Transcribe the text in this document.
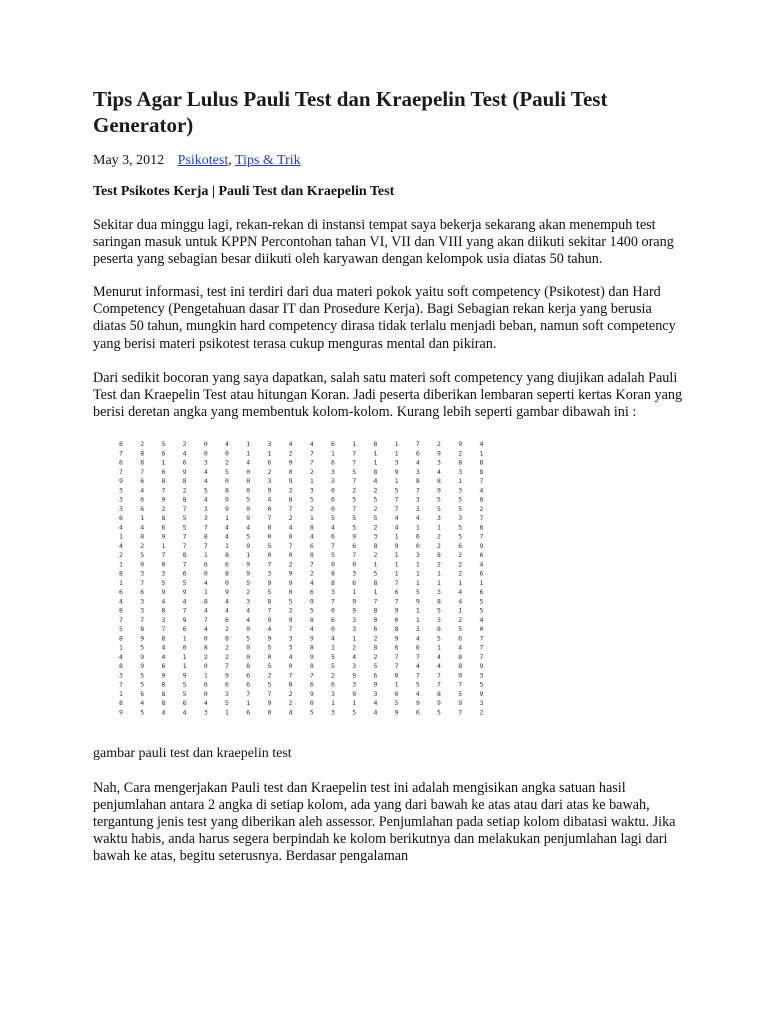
Tips Agar Lulus Pauli Test dan Kraepelin Test (Pauli Test Generator)
May 3, 2012 Psikotest, Tips & Trik
Test Psikotes Kerja | Pauli Test dan Kraepelin Test

Sekitar dua minggu lagi, rekan-rekan di instansi tempat saya bekerja sekarang akan menempuh test saringan masuk untuk KPPN Percontohan tahan VI, VII dan VIII yang akan diikuti sekitar 1400 orang peserta yang sebagian besar diikuti oleh karyawan dengan kelompok usia diatas 50 tahun.

Menurut informasi, test ini terdiri dari dua materi pokok yaitu soft competency (Psikotest) dan Hard Competency (Pengetahuan dasar IT dan Prosedure Kerja). Bagi Sebagian rekan kerja yang berusia diatas 50 tahun, mungkin hard competency dirasa tidak terlalu menjadi beban, namun soft competency yang berisi materi psikotest terasa cukup menguras mental dan pikiran.

Dari sedikit bocoran yang saya dapatkan, salah satu materi soft competency yang diujikan adalah Pauli Test dan Kraepelin Test atau hitungan Koran. Jadi peserta diberikan lembaran seperti kertas Koran yang berisi deretan angka yang membentuk kolom-kolom. Kurang lebih seperti gambar dibawah ini :

8	2	5	2	0	4	1	3	4	4	6	1	8	1	7	2	9	4
7	8	6	4	0	0	1	1	2	7	1	7	1	1	6	9	2	1
6	8	1	6	3	2	4	6	9	7	6	7	1	3	4	3	8	8
7	7	6	9	4	5	0	2	0	2	3	5	8	9	3	4	3	8
9	6	8	8	4	0	0	3	9	1	3	7	4	1	8	8	1	7
3	4	7	2	5	8	0	9	2	3	0	2	2	5	7	9	3	4
3	6	9	8	4	0	5	4	8	5	6	5	5	7	3	5	5	8
3	6	2	7	3	9	0	0	7	2	0	7	2	7	3	5	5	2
6	1	8	5	3	1	9	7	2	1	5	5	5	4	4	3	3	7
4	4	6	5	7	4	4	0	4	8	4	5	2	4	1	1	5	6
1	8	9	7	8	4	5	0	0	4	6	9	3	1	6	2	5	7
4	2	1	7	7	1	9	5	7	6	7	6	8	9	0	2	6	9
2	5	7	8	1	8	1	0	0	8	5	7	2	1	3	8	2	6
1	0	0	7	6	6	9	7	2	7	0	0	1	1	1	2	2	4
8	3	3	6	0	8	9	3	9	2	8	3	5	1	1	1	2	6
1	7	5	5	4	0	5	9	9	4	8	6	8	7	1	1	1	1
6	6	9	9	1	9	2	5	0	6	3	1	1	6	5	3	4	6
4	3	4	4	8	4	3	8	5	9	7	9	7	7	9	8	4	5
8	3	8	7	4	4	4	7	2	5	0	9	8	9	1	5	1	5
7	7	3	9	7	6	4	9	9	8	6	3	0	0	1	3	2	4
5	8	7	6	4	2	0	4	7	4	0	3	6	8	3	8	5	0
8	9	8	1	0	8	5	9	3	9	4	1	2	9	4	5	6	7
1	5	4	0	8	2	0	5	3	8	1	2	8	6	6	1	4	7
4	9	4	1	2	2	0	0	4	9	5	4	2	7	7	4	8	7
8	9	6	1	0	7	8	5	0	8	5	3	5	7	4	4	8	9
3	5	9	9	1	9	6	2	7	7	2	9	6	0	7	7	0	3
7	5	8	5	6	6	6	5	8	6	6	3	9	1	5	7	7	5
1	6	8	5	0	3	7	7	2	9	3	9	3	0	4	8	5	9
8	4	8	6	4	5	1	9	2	0	1	1	4	5	9	9	9	3
9	5	4	4	3	1	6	0	4	5	3	5	4	9	6	5	7	2
gambar pauli test dan kraepelin test

Nah, Cara mengerjakan Pauli test dan Kraepelin test ini adalah mengisikan angka satuan hasil penjumlahan antara 2 angka di setiap kolom, ada yang dari bawah ke atas atau dari atas ke bawah, tergantung jenis test yang diberikan aleh assessor. Penjumlahan pada setiap kolom dibatasi waktu. Jika waktu habis, anda harus segera berpindah ke kolom berikutnya dan melakukan penjumlahan lagi dari bawah ke atas, begitu seterusnya. Berdasar pengalaman
